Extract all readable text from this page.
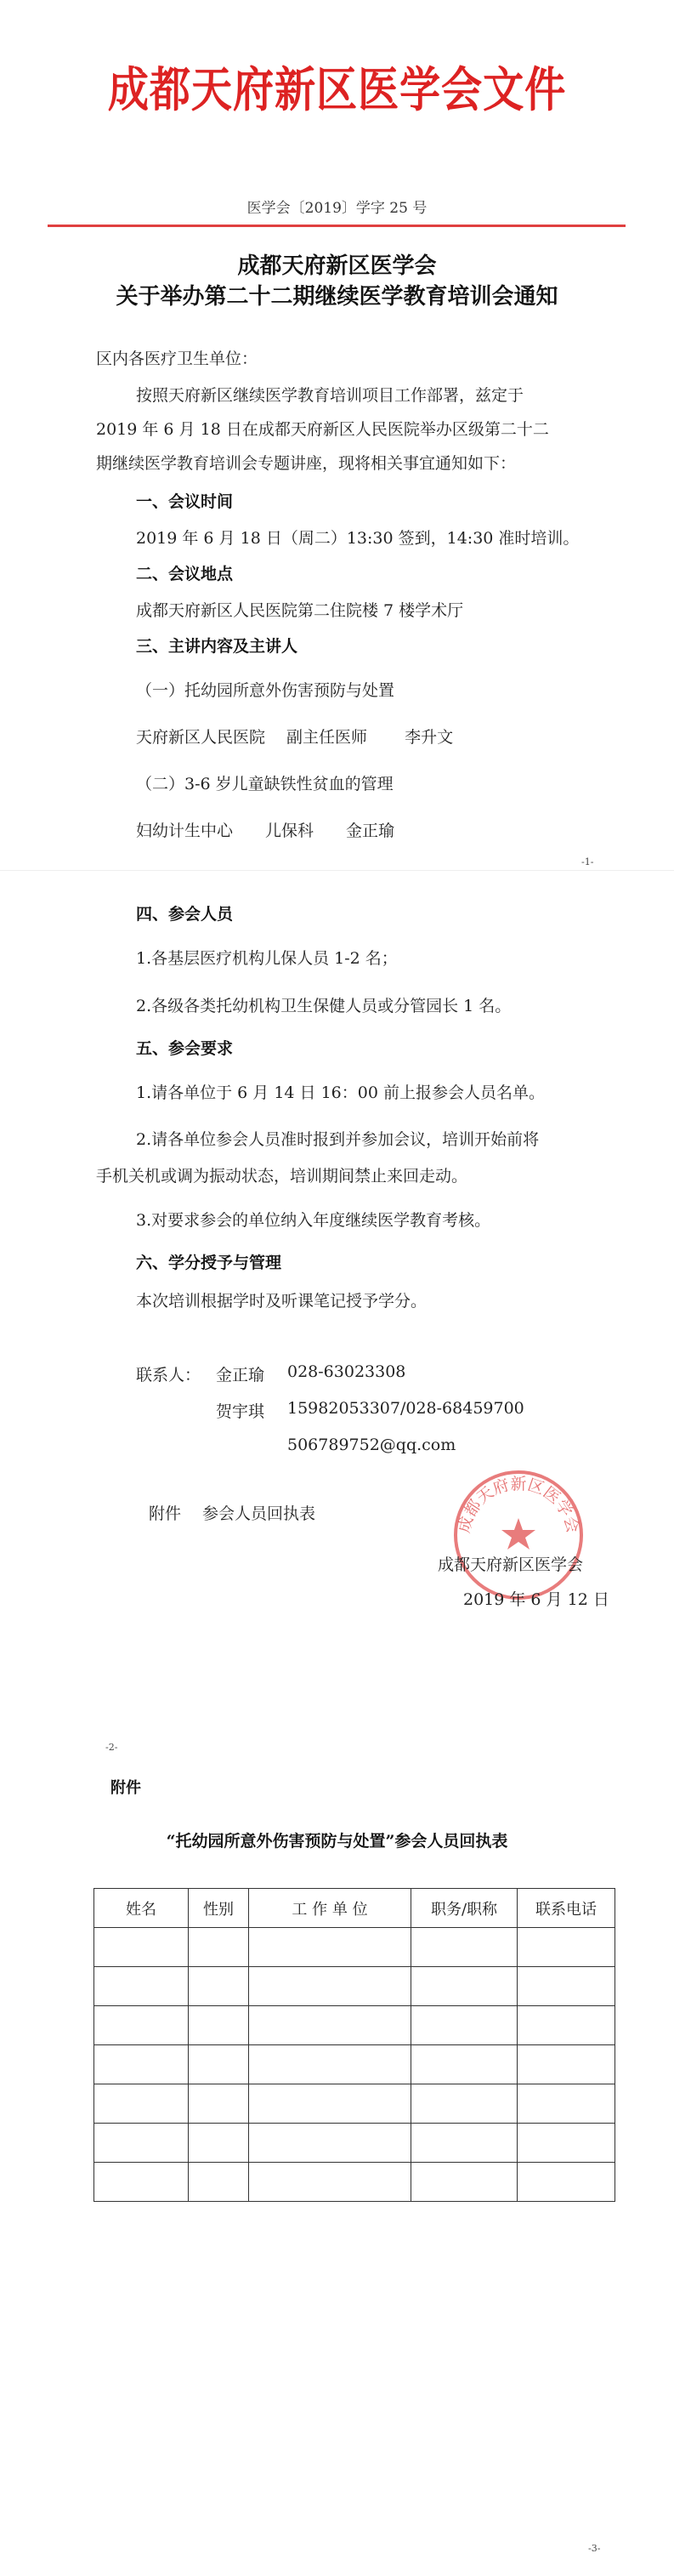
成都天府新区医学会文件
医学会〔2019〕学字 25 号
成都天府新区医学会
关于举办第二十二期继续医学教育培训会通知
区内各医疗卫生单位：
按照天府新区继续医学教育培训项目工作部署，兹定于
2019 年 6 月 18 日在成都天府新区人民医院举办区级第二十二
期继续医学教育培训会专题讲座，现将相关事宜通知如下：
一、会议时间
2019 年 6 月 18 日（周二）13:30 签到，14:30 准时培训。
二、会议地点
成都天府新区人民医院第二住院楼 7 楼学术厅
三、主讲内容及主讲人
（一）托幼园所意外伤害预防与处置
天府新区人民医院　 副主任医师　 　李升文
（二）3-6 岁儿童缺铁性贫血的管理
妇幼计生中心　　儿保科　　金正瑜
-1-
四、参会人员
1.各基层医疗机构儿保人员 1-2 名；
2.各级各类托幼机构卫生保健人员或分管园长 1 名。
五、参会要求
1.请各单位于 6 月 14 日 16：00 前上报参会人员名单。
2.请各单位参会人员准时报到并参加会议，培训开始前将
手机关机或调为振动状态，培训期间禁止来回走动。
3.对要求参会的单位纳入年度继续医学教育考核。
六、学分授予与管理
本次培训根据学时及听课笔记授予学分。
联系人： 金正瑜 028-63023308
贺宇琪 15982053307/028-68459700
506789752@qq.com
附件　 参会人员回执表
成都天府新区医学会
成都天府新区医学会
2019 年 6 月 12 日
-2-
附件
“托幼园所意外伤害预防与处置”参会人员回执表
姓名	性别	工 作 单 位	职务/职称	联系电话

-3-
